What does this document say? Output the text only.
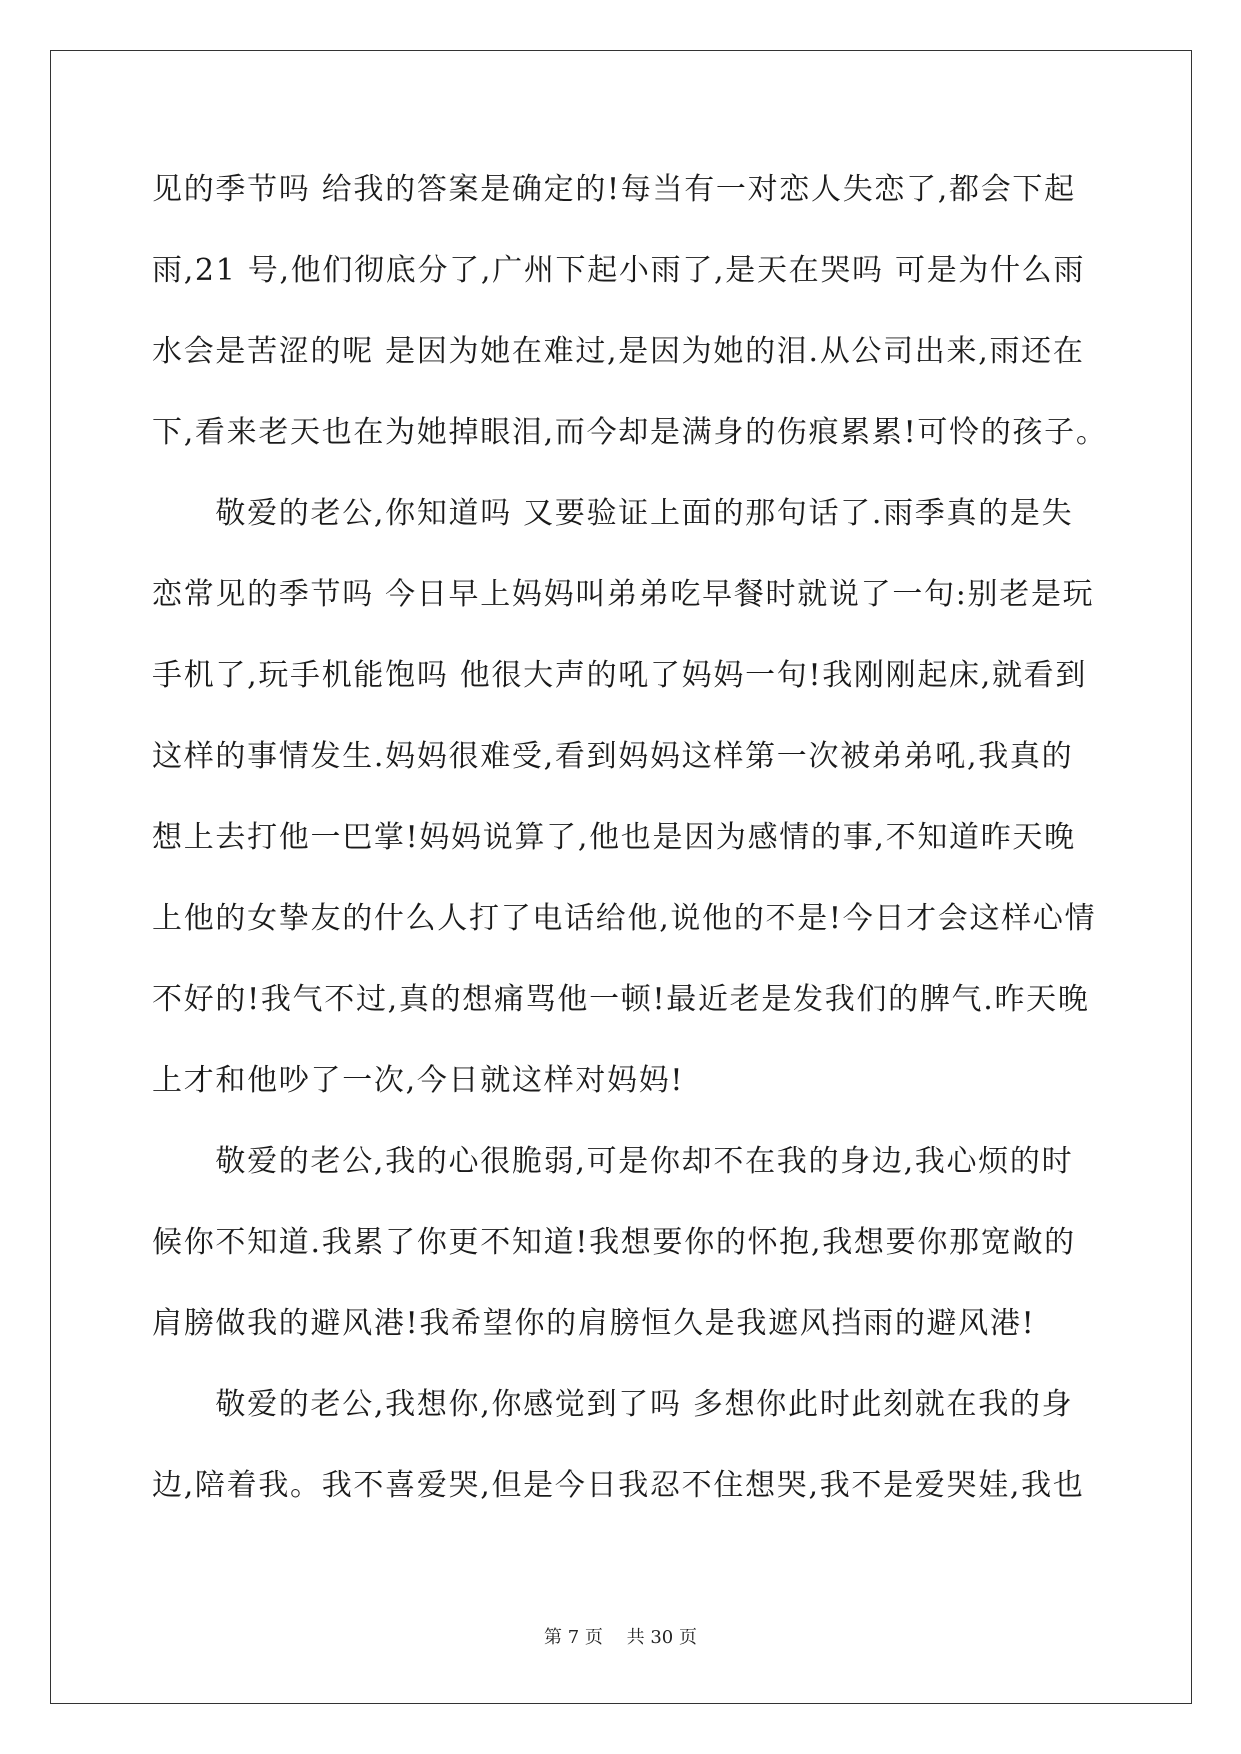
见的季节吗 给我的答案是确定的!每当有一对恋人失恋了,都会下起
雨,21 号,他们彻底分了,广州下起小雨了,是天在哭吗 可是为什么雨
水会是苦涩的呢 是因为她在难过,是因为她的泪.从公司出来,雨还在
下,看来老天也在为她掉眼泪,而今却是满身的伤痕累累!可怜的孩子。
　　敬爱的老公,你知道吗 又要验证上面的那句话了.雨季真的是失
恋常见的季节吗 今日早上妈妈叫弟弟吃早餐时就说了一句:别老是玩
手机了,玩手机能饱吗 他很大声的吼了妈妈一句!我刚刚起床,就看到
这样的事情发生.妈妈很难受,看到妈妈这样第一次被弟弟吼,我真的
想上去打他一巴掌!妈妈说算了,他也是因为感情的事,不知道昨天晚
上他的女挚友的什么人打了电话给他,说他的不是!今日才会这样心情
不好的!我气不过,真的想痛骂他一顿!最近老是发我们的脾气.昨天晚
上才和他吵了一次,今日就这样对妈妈!
　　敬爱的老公,我的心很脆弱,可是你却不在我的身边,我心烦的时
候你不知道.我累了你更不知道!我想要你的怀抱,我想要你那宽敞的
肩膀做我的避风港!我希望你的肩膀恒久是我遮风挡雨的避风港!
　　敬爱的老公,我想你,你感觉到了吗 多想你此时此刻就在我的身
边,陪着我。我不喜爱哭,但是今日我忍不住想哭,我不是爱哭娃,我也
第 7 页　 共 30 页
